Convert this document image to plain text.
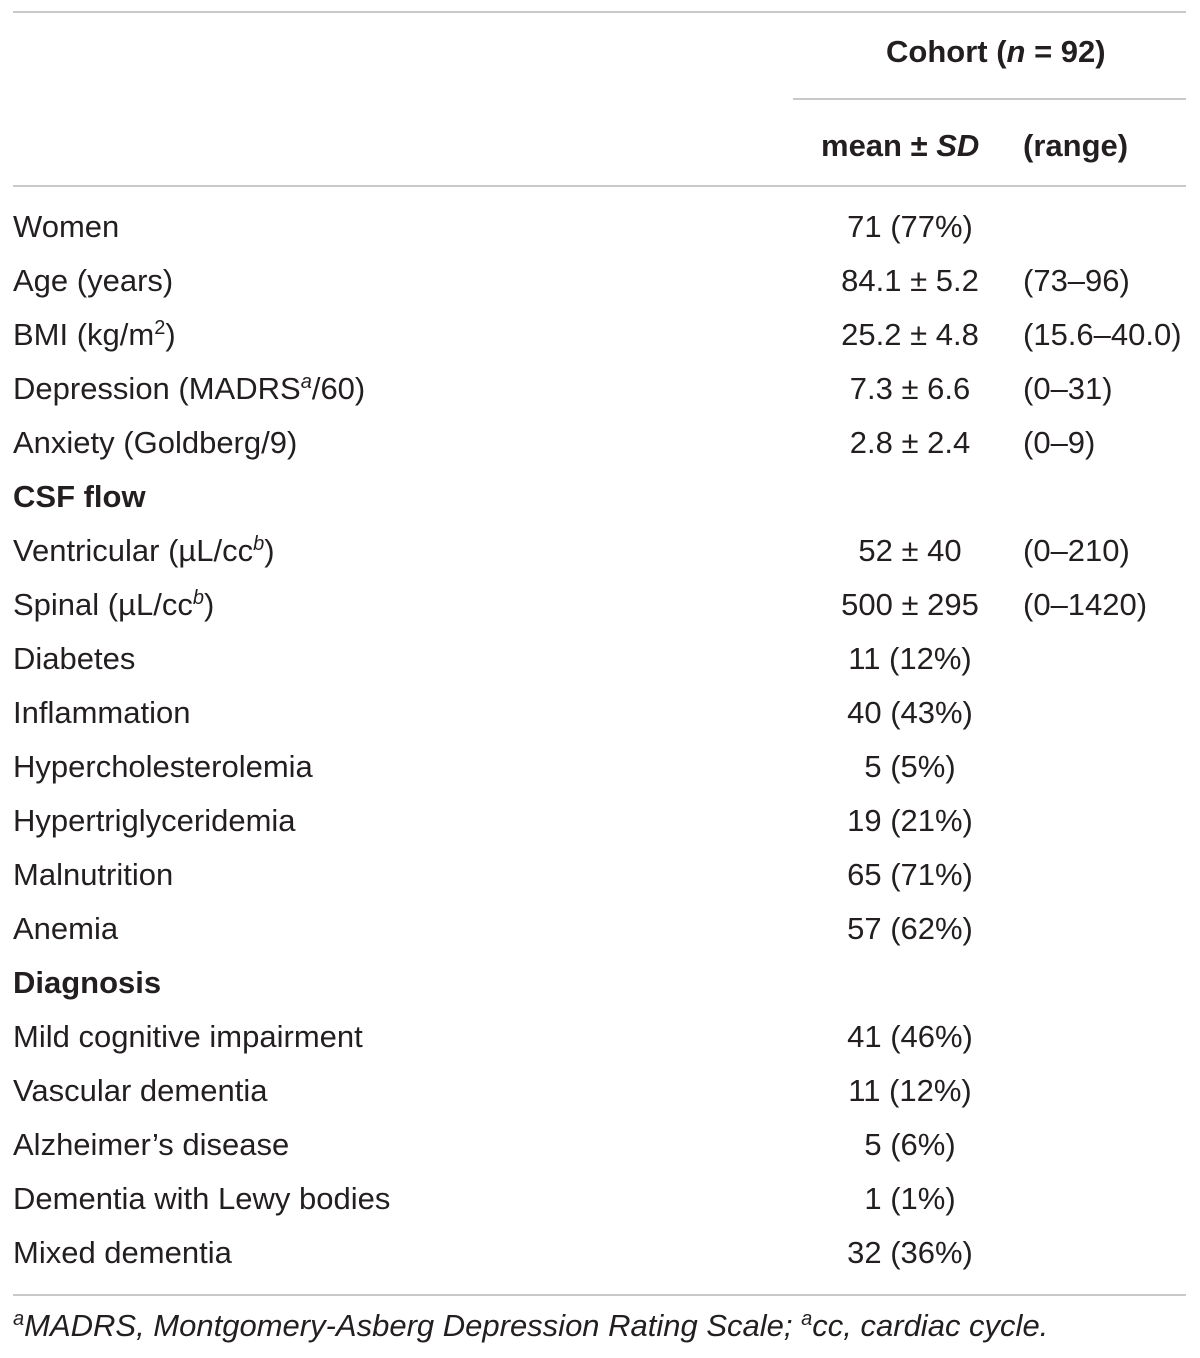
Cohort (n = 92)
mean ± SD (range)
Women	71 (77%)
Age (years)	84.1 ± 5.2	(73–96)
BMI $(kg/m^2)$	25.2 ± 4.8	(15.6–40.0)
Depression (MADRS$^a$/60)	7.3 ± 6.6	(0–31)
Anxiety (Goldberg/9)	2.8 ± 2.4	(0–9)
CSF flow
Ventricular $(\mu L/cc^b)$	52 ± 40	(0–210)
Spinal $(\mu L/cc^b)$	500 ± 295	(0–1420)
Diabetes	11 (12%)
Inflammation	40 (43%)
Hypercholesterolemia	5 (5%)
Hypertriglyceridemia	19 (21%)
Malnutrition	65 (71%)
Anemia	57 (62%)
Diagnosis
Mild cognitive impairment	41 (46%)
Vascular dementia	11 (12%)
Alzheimer’s disease	5 (6%)
Dementia with Lewy bodies	1 (1%)
Mixed dementia	32 (36%)
$^a$MADRS, Montgomery-Asberg Depression Rating Scale; $^a$cc, cardiac cycle.
